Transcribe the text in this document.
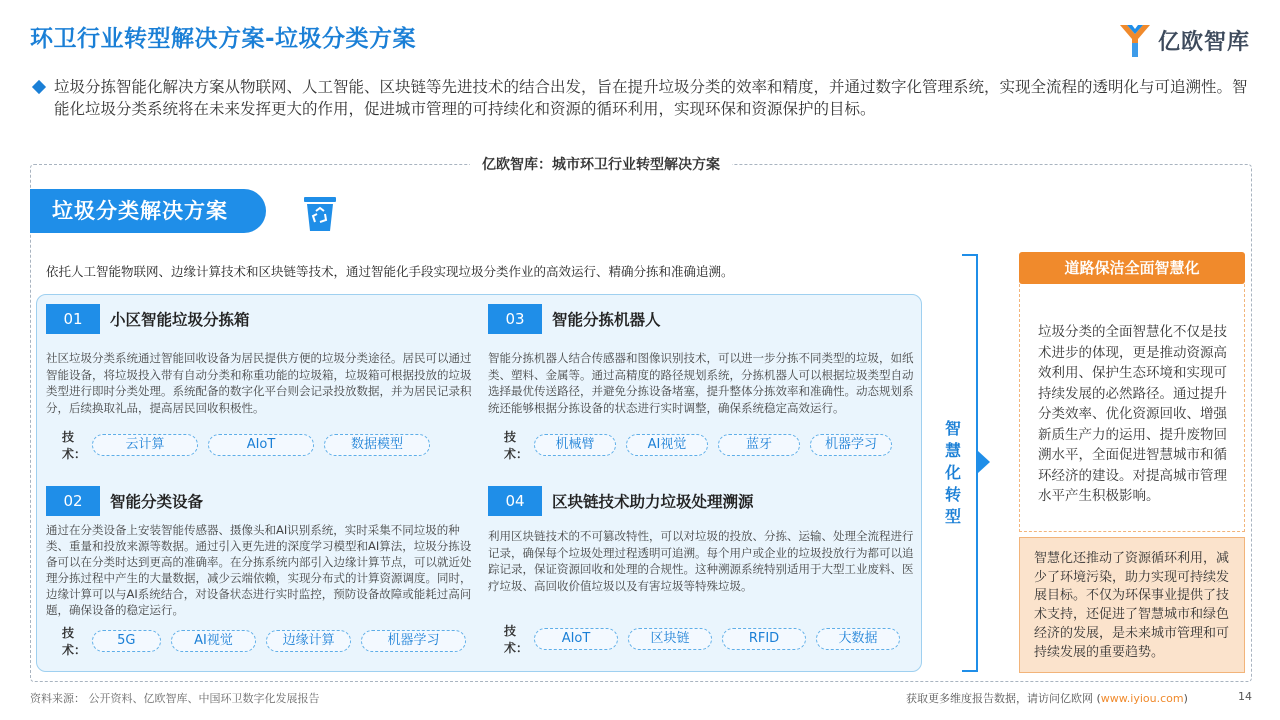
环卫行业转型解决方案-垃圾分类方案	亿欧智库
垃圾分拣智能化解决方案从物联网、人工智能、区块链等先进技术的结合出发，旨在提升垃圾分类的效率和精度，并通过数字化管理系统，实现全流程的透明化与可追溯性。智能化垃圾分类系统将在未来发挥更大的作用，促进城市管理的可持续化和资源的循环利用，实现环保和资源保护的目标。
亿欧智库：城市环卫行业转型解决方案
垃圾分类解决方案
依托人工智能物联网、边缘计算技术和区块链等技术，通过智能化手段实现垃圾分类作业的高效运行、精确分拣和准确追溯。
01	小区智能垃圾分拣箱
社区垃圾分类系统通过智能回收设备为居民提供方便的垃圾分类途径。居民可以通过智能设备，将垃圾投入带有自动分类和称重功能的垃圾箱，垃圾箱可根据投放的垃圾类型进行即时分类处理。系统配备的数字化平台则会记录投放数据，并为居民记录积分，后续换取礼品，提高居民回收积极性。
技术：
云计算	AIoT	数据模型
03	智能分拣机器人
智能分拣机器人结合传感器和图像识别技术，可以进一步分拣不同类型的垃圾，如纸类、塑料、金属等。通过高精度的路径规划系统，分拣机器人可以根据垃圾类型自动选择最优传送路径，并避免分拣设备堵塞，提升整体分拣效率和准确性。动态规划系统还能够根据分拣设备的状态进行实时调整，确保系统稳定高效运行。
技术：
机械臂	AI视觉	蓝牙	机器学习
02	智能分类设备
通过在分类设备上安装智能传感器、摄像头和AI识别系统，实时采集不同垃圾的种类、重量和投放来源等数据。通过引入更先进的深度学习模型和AI算法，垃圾分拣设备可以在分类时达到更高的准确率。在分拣系统内部引入边缘计算节点，可以就近处理分拣过程中产生的大量数据，减少云端依赖，实现分布式的计算资源调度。同时，边缘计算可以与AI系统结合，对设备状态进行实时监控，预防设备故障或能耗过高问题，确保设备的稳定运行。
技术：
5G	AI视觉	边缘计算	机器学习
04	区块链技术助力垃圾处理溯源
利用区块链技术的不可篡改特性，可以对垃圾的投放、分拣、运输、处理全流程进行记录，确保每个垃圾处理过程透明可追溯。每个用户或企业的垃圾投放行为都可以追踪记录，保证资源回收和处理的合规性。这种溯源系统特别适用于大型工业废料、医疗垃圾、高回收价值垃圾以及有害垃圾等特殊垃圾。
技术：
AIoT	区块链	RFID	大数据
智慧化转型
道路保洁全面智慧化
垃圾分类的全面智慧化不仅是技术进步的体现，更是推动资源高效利用、保护生态环境和实现可持续发展的必然路径。通过提升分类效率、优化资源回收、增强新质生产力的运用、提升废物回溯水平，全面促进智慧城市和循环经济的建设。对提高城市管理水平产生积极影响。
智慧化还推动了资源循环利用，减少了环境污染，助力实现可持续发展目标。不仅为环保事业提供了技术支持，还促进了智慧城市和绿色经济的发展，是未来城市管理和可持续发展的重要趋势。
资料来源： 公开资料、亿欧智库、中国环卫数字化发展报告	获取更多维度报告数据，请访问亿欧网 (www.iyiou.com)	14
